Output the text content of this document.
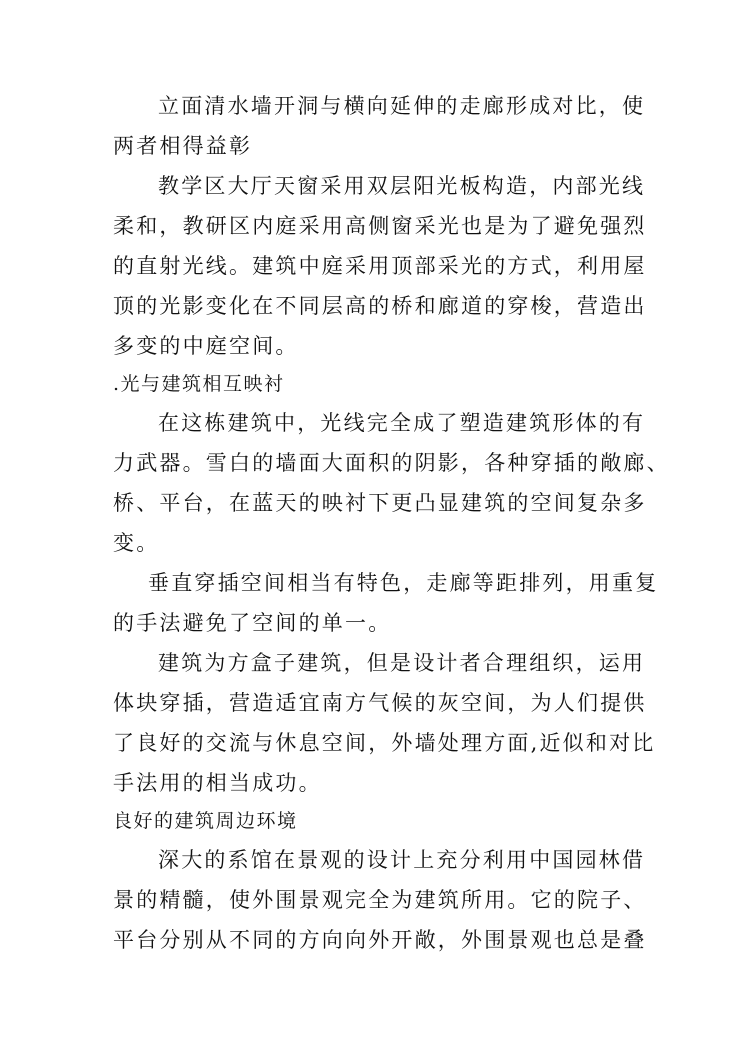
立面清水墙开洞与横向延伸的走廊形成对比，使
两者相得益彰
教学区大厅天窗采用双层阳光板构造，内部光线
柔和，教研区内庭采用高侧窗采光也是为了避免强烈
的直射光线。建筑中庭采用顶部采光的方式，利用屋
顶的光影变化在不同层高的桥和廊道的穿梭，营造出
多变的中庭空间。
.光与建筑相互映衬
在这栋建筑中，光线完全成了塑造建筑形体的有
力武器。雪白的墙面大面积的阴影，各种穿插的敞廊、
桥、平台，在蓝天的映衬下更凸显建筑的空间复杂多
变。
垂直穿插空间相当有特色，走廊等距排列，用重复
的手法避免了空间的单一。
建筑为方盒子建筑，但是设计者合理组织，运用
体块穿插，营造适宜南方气候的灰空间，为人们提供
了良好的交流与休息空间，外墙处理方面,近似和对比
手法用的相当成功。
良好的建筑周边环境
深大的系馆在景观的设计上充分利用中国园林借
景的精髓，使外围景观完全为建筑所用。它的院子、
平台分别从不同的方向向外开敞，外围景观也总是叠
